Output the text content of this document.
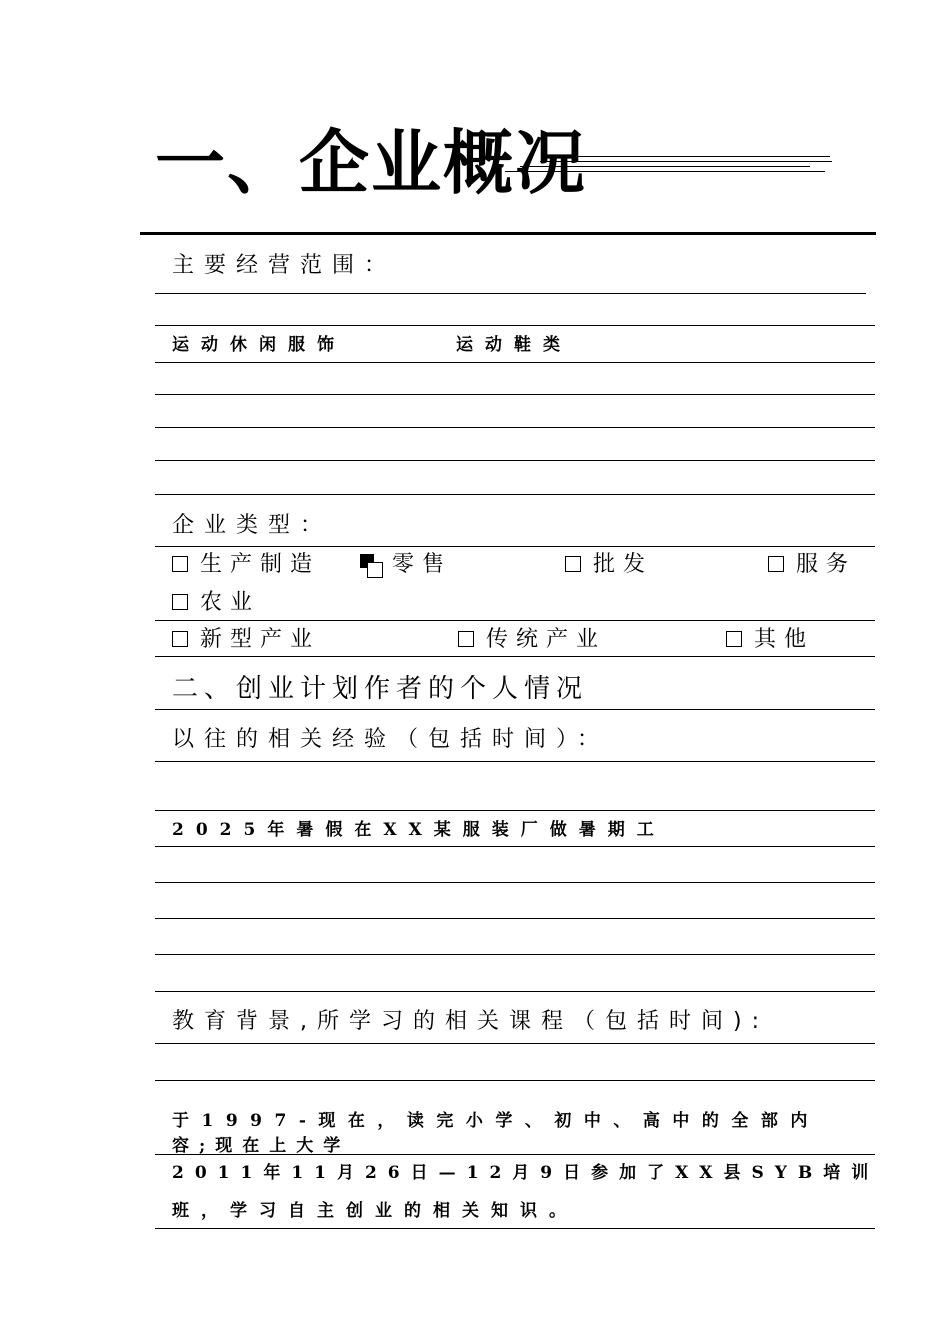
一、企业概况
主要经营范围：
运动休闲服饰	运动鞋类
企业类型：
生产制造	零售	批发	服务
农业
新型产业	传统产业	其他
二、创业计划作者的个人情况
以往的相关经验（包括时间）：
2025年暑假在XX某服装厂做暑期工
教育背景,所学习的相关课程（包括时间):
于1997-现在，读完小学、初中、高中的全部内
容;现在上大学
2011年11月26日—12月9日参加了XX县SYB培训
班，学习自主创业的相关知识。
